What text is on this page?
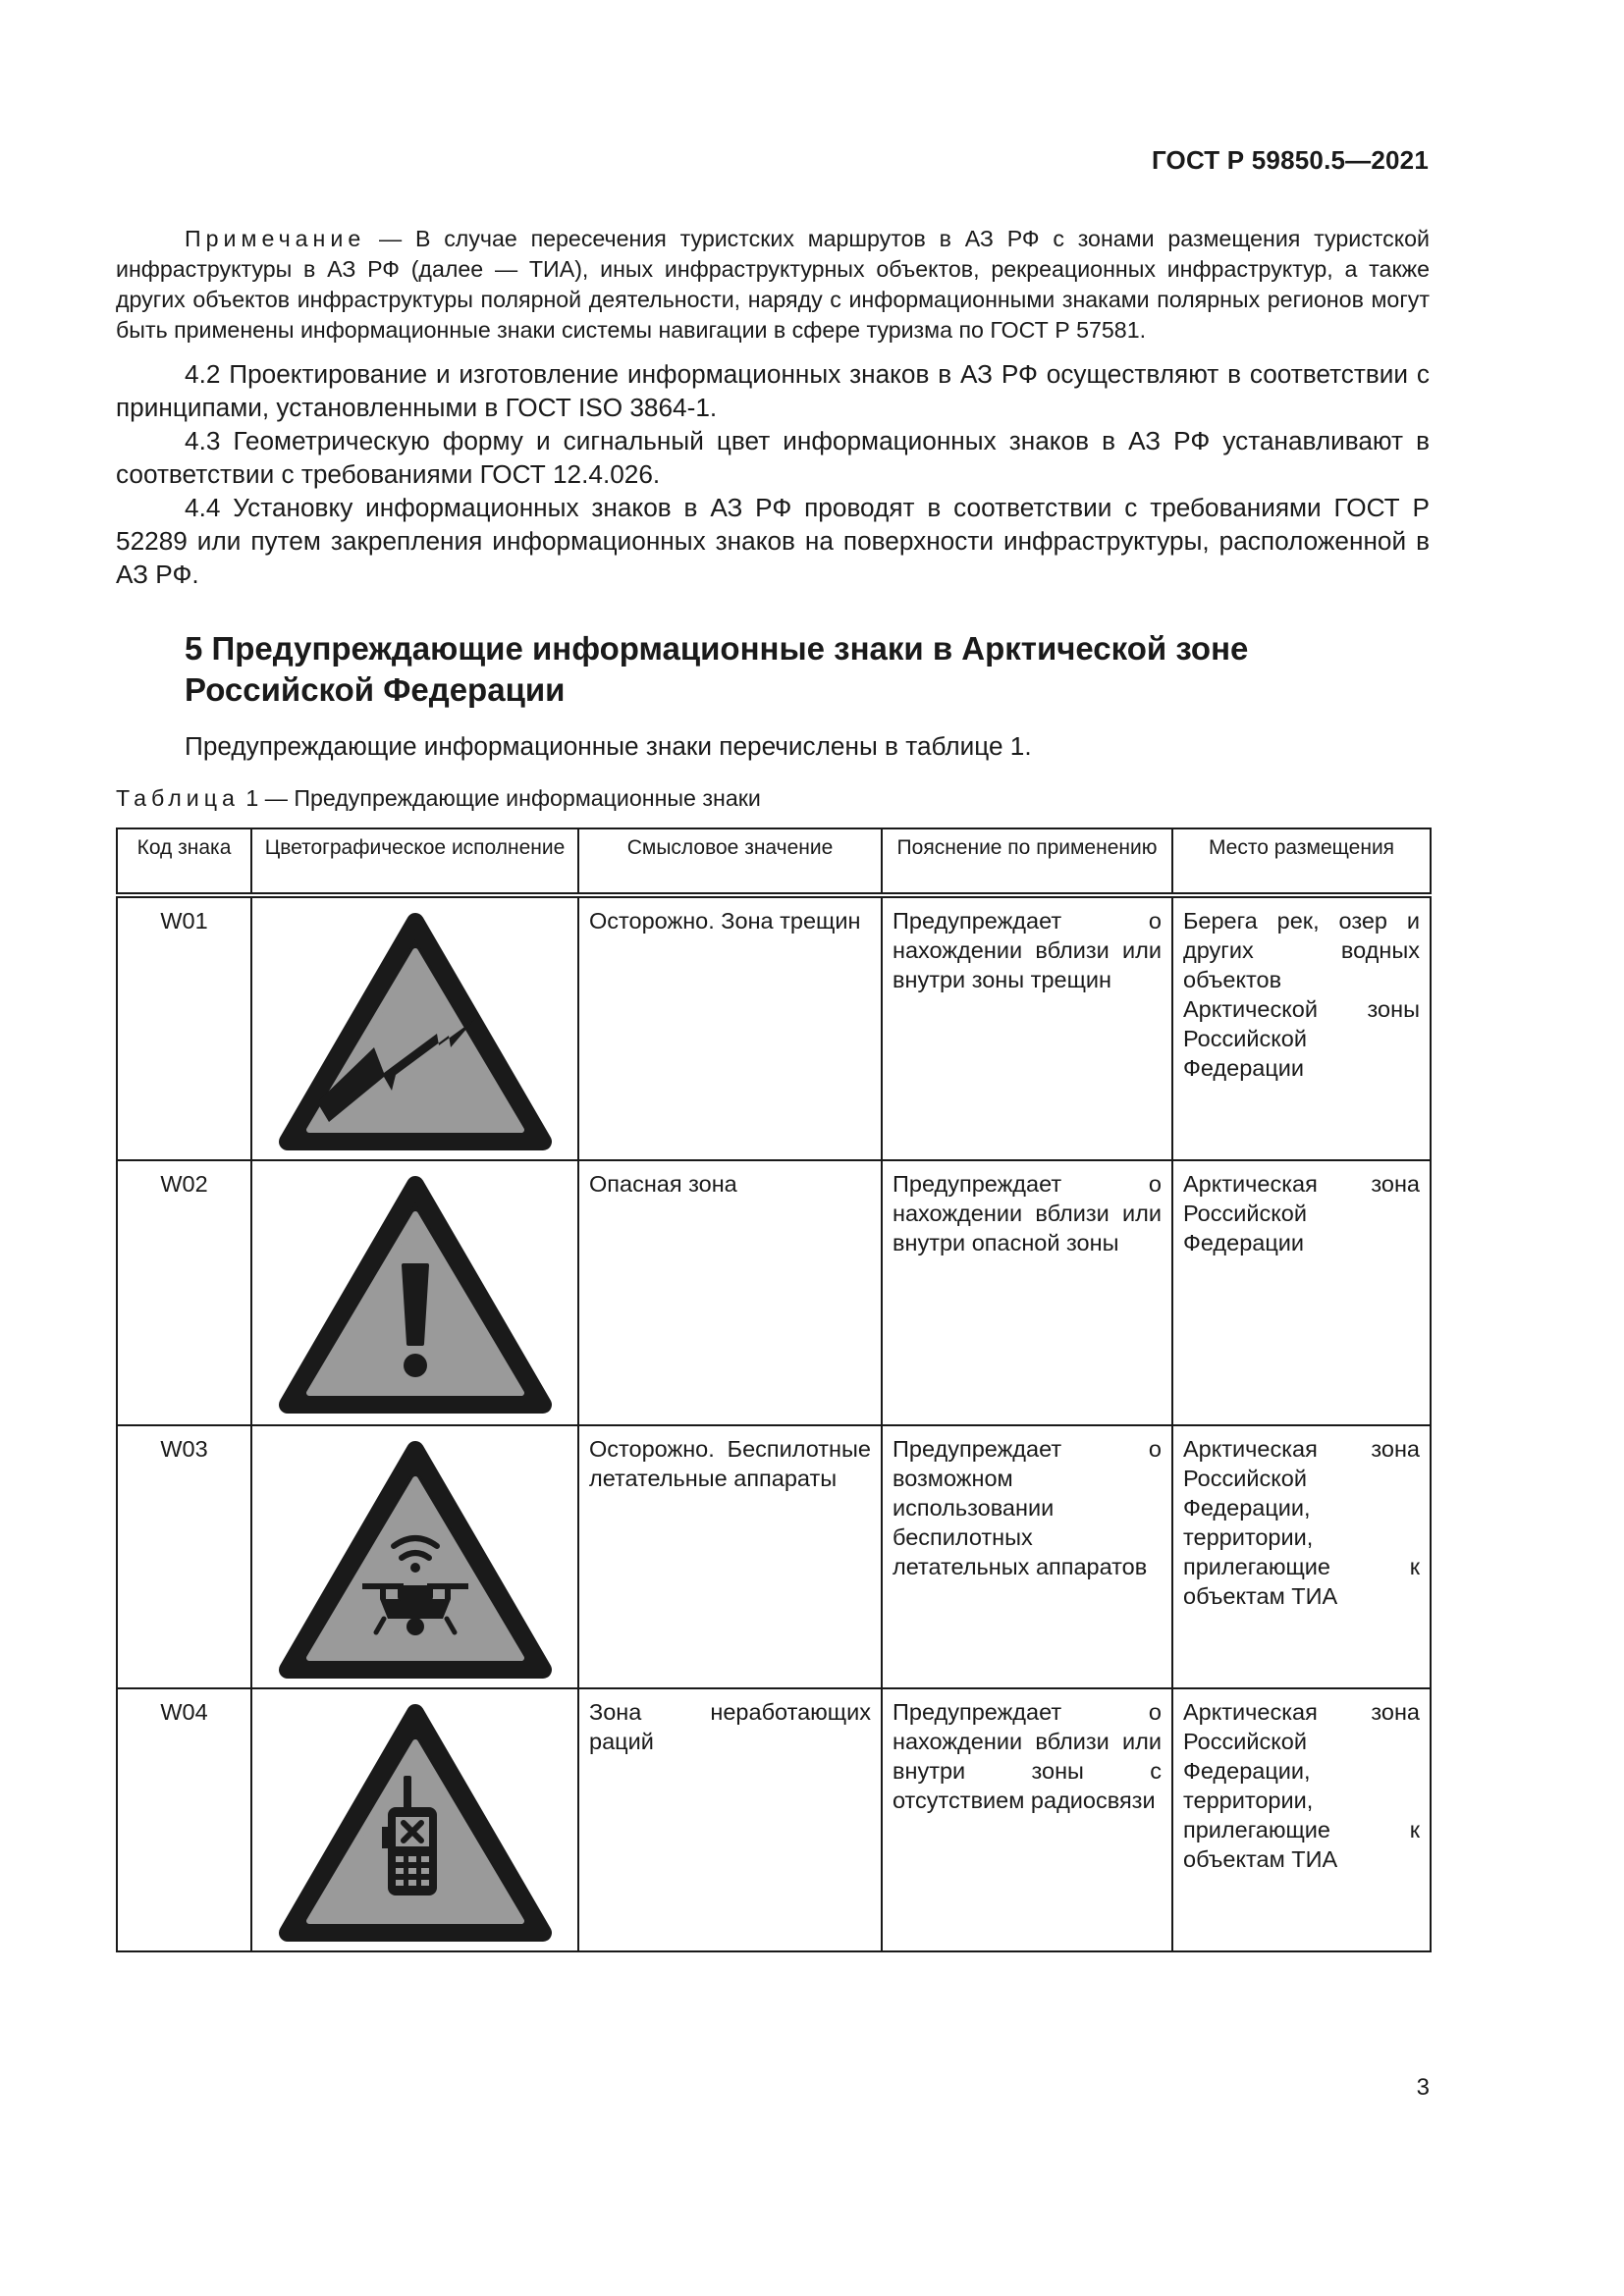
ГОСТ Р 59850.5—2021
Примечание — В случае пересечения туристских маршрутов в АЗ РФ с зонами размещения туристской инфраструктуры в АЗ РФ (далее — ТИА), иных инфраструктурных объектов, рекреационных инфраструктур, а также других объектов инфраструктуры полярной деятельности, наряду с информационными знаками полярных регионов могут быть применены информационные знаки системы навигации в сфере туризма по ГОСТ Р 57581.

4.2 Проектирование и изготовление информационных знаков в АЗ РФ осуществляют в соответствии с принципами, установленными в ГОСТ ISO 3864-1.

4.3 Геометрическую форму и сигнальный цвет информационных знаков в АЗ РФ устанавливают в соответствии с требованиями ГОСТ 12.4.026.

4.4 Установку информационных знаков в АЗ РФ проводят в соответствии с требованиями ГОСТ Р 52289 или путем закрепления информационных знаков на поверхности инфраструктуры, расположенной в АЗ РФ.

5 Предупреждающие информационные знаки в Арктической зоне
Российской Федерации
Предупреждающие информационные знаки перечислены в таблице 1.
Таблица 1 — Предупреждающие информационные знаки
Код знака	Цветографическое исполнение	Смысловое значение	Пояснение по применению	Место размещения
W01		Осторожно. Зона трещин	Предупреждает о нахождении вблизи или внутри зоны трещин	Берега рек, озер и других водных объектов Арктической зоны Российской Федерации
W02		Опасная зона	Предупреждает о нахождении вблизи или внутри опасной зоны	Арктическая зона Российской Федерации
W03		Осторожно. Беспилотные летательные аппараты	Предупреждает о возможном использовании беспилотных летательных аппаратов	Арктическая зона Российской Федерации, территории, прилегающие к объектам ТИА
W04		Зона неработающих раций	Предупреждает о нахождении вблизи или внутри зоны с отсутствием радиосвязи	Арктическая зона Российской Федерации, территории, прилегающие к объектам ТИА
3
